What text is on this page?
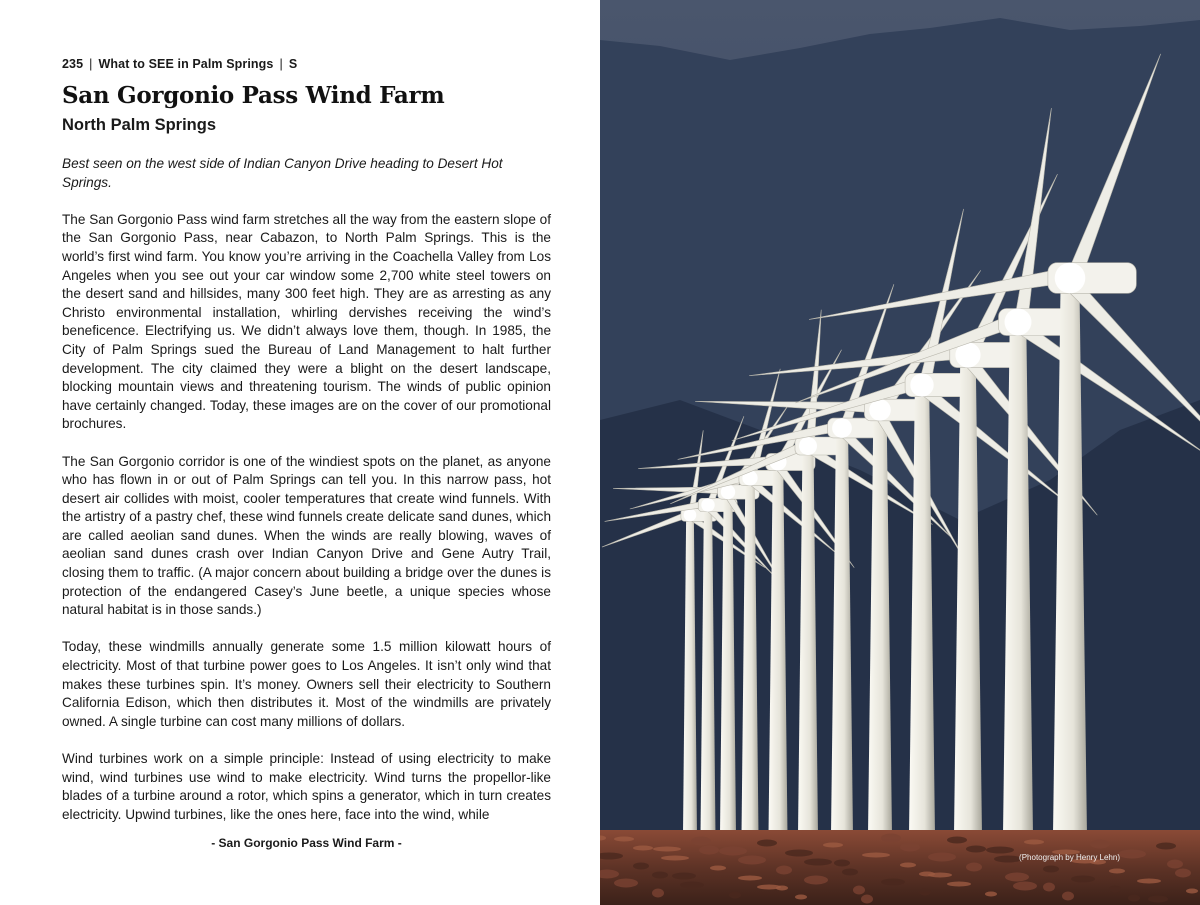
235 | What to SEE in Palm Springs | S
San Gorgonio Pass Wind Farm
North Palm Springs

Best seen on the west side of Indian Canyon Drive heading to Desert Hot Springs.

The San Gorgonio Pass wind farm stretches all the way from the eastern slope of the San Gorgonio Pass, near Cabazon, to North Palm Springs. This is the world’s first wind farm. You know you’re arriving in the Coachella Valley from Los Angeles when you see out your car window some 2,700 white steel towers on the desert sand and hillsides, many 300 feet high. They are as arresting as any Christo environmental installation, whirling dervishes receiving the wind’s beneficence. Electrifying us. We didn’t always love them, though. In 1985, the City of Palm Springs sued the Bureau of Land Management to halt further development. The city claimed they were a blight on the desert landscape, blocking mountain views and threatening tourism. The winds of public opinion have certainly changed. Today, these images are on the cover of our promotional brochures.

The San Gorgonio corridor is one of the windiest spots on the planet, as anyone who has flown in or out of Palm Springs can tell you. In this narrow pass, hot desert air collides with moist, cooler temperatures that create wind funnels. With the artistry of a pastry chef, these wind funnels create delicate sand dunes, which are called aeolian sand dunes. When the winds are really blowing, waves of aeolian sand dunes crash over Indian Canyon Drive and Gene Autry Trail, closing them to traffic. (A major concern about building a bridge over the dunes is protection of the endangered Casey’s June beetle, a unique species whose natural habitat is in those sands.)

Today, these windmills annually generate some 1.5 million kilowatt hours of electricity. Most of that turbine power goes to Los Angeles. It isn’t only wind that makes these turbines spin. It’s money. Owners sell their electricity to Southern California Edison, which then distributes it. Most of the windmills are privately owned. A single turbine can cost many millions of dollars.

Wind turbines work on a simple principle: Instead of using electricity to make wind, wind turbines use wind to make electricity. Wind turns the propellor-like blades of a turbine around a rotor, which spins a generator, which in turn creates electricity. Upwind turbines, like the ones here, face into the wind, while

- San Gorgonio Pass Wind Farm -
(Photograph by Henry Lehn)
